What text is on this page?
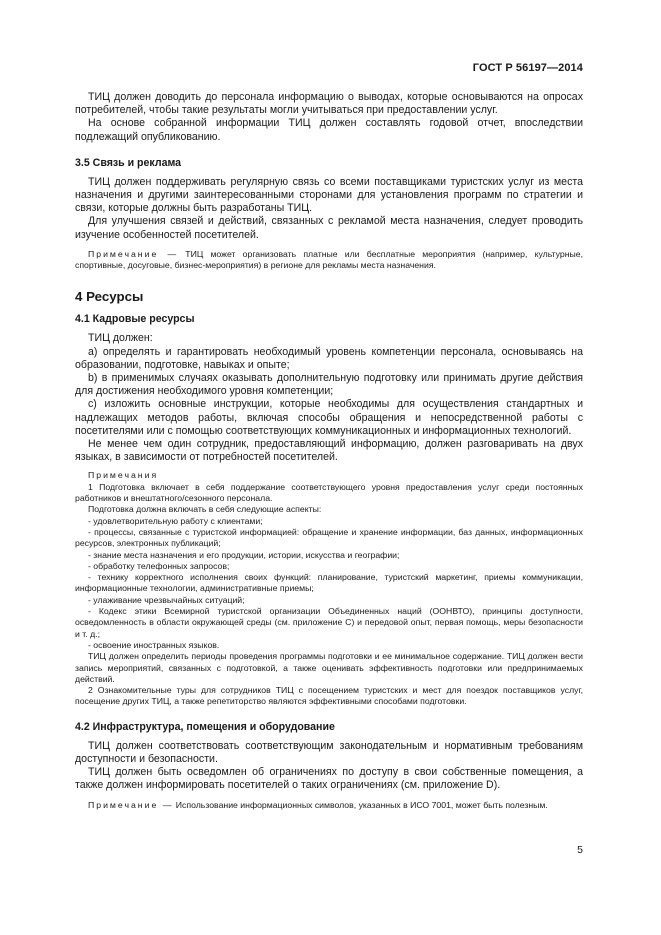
ГОСТ Р 56197—2014

ТИЦ должен доводить до персонала информацию о выводах, которые основываются на опросах потребителей, чтобы такие результаты могли учитываться при предоставлении услуг.

На основе собранной информации ТИЦ должен составлять годовой отчет, впоследствии подлежащий опубликованию.

3.5 Связь и реклама

ТИЦ должен поддерживать регулярную связь со всеми поставщиками туристских услуг из места назначения и другими заинтересованными сторонами для установления программ по стратегии и связи, которые должны быть разработаны ТИЦ.

Для улучшения связей и действий, связанных с рекламой места назначения, следует проводить изучение особенностей посетителей.

Примечание — ТИЦ может организовать платные или бесплатные мероприятия (например, культурные, спортивные, досуговые, бизнес-мероприятия) в регионе для рекламы места назначения.

4 Ресурсы
4.1 Кадровые ресурсы

ТИЦ должен:

а) определять и гарантировать необходимый уровень компетенции персонала, основываясь на образовании, подготовке, навыках и опыте;

b) в применимых случаях оказывать дополнительную подготовку или принимать другие действия для достижения необходимого уровня компетенции;

с) изложить основные инструкции, которые необходимы для осуществления стандартных и надлежащих методов работы, включая способы обращения и непосредственной работы с посетителями или с помощью соответствующих коммуникационных и информационных технологий.

Не менее чем один сотрудник, предоставляющий информацию, должен разговаривать на двух языках, в зависимости от потребностей посетителей.

Примечания

1 Подготовка включает в себя поддержание соответствующего уровня предоставления услуг среди постоянных работников и внештатного/сезонного персонала.

Подготовка должна включать в себя следующие аспекты:

- удовлетворительную работу с клиентами;

- процессы, связанные с туристской информацией: обращение и хранение информации, баз данных, информационных ресурсов, электронных публикаций;

- знание места назначения и его продукции, истории, искусства и географии;

- обработку телефонных запросов;

- технику корректного исполнения своих функций: планирование, туристский маркетинг, приемы коммуникации, информационные технологии, административные приемы;

- улаживание чрезвычайных ситуаций;

- Кодекс этики Всемирной туристской организации Объединенных наций (ООНВТО), принципы доступности, осведомленность в области окружающей среды (см. приложение С) и передовой опыт, первая помощь, меры безопасности и т. д.;

- освоение иностранных языков.

ТИЦ должен определить периоды проведения программы подготовки и ее минимальное содержание. ТИЦ должен вести запись мероприятий, связанных с подготовкой, а также оценивать эффективность подготовки или предпринимаемых действий.

2 Ознакомительные туры для сотрудников ТИЦ с посещением туристских и мест для поездок поставщиков услуг, посещение других ТИЦ, а также репетиторство являются эффективными способами подготовки.

4.2 Инфраструктура, помещения и оборудование

ТИЦ должен соответствовать соответствующим законодательным и нормативным требованиям доступности и безопасности.

ТИЦ должен быть осведомлен об ограничениях по доступу в свои собственные помещения, а также должен информировать посетителей о таких ограничениях (см. приложение D).

Примечание — Использование информационных символов, указанных в ИСО 7001, может быть полезным.

5
